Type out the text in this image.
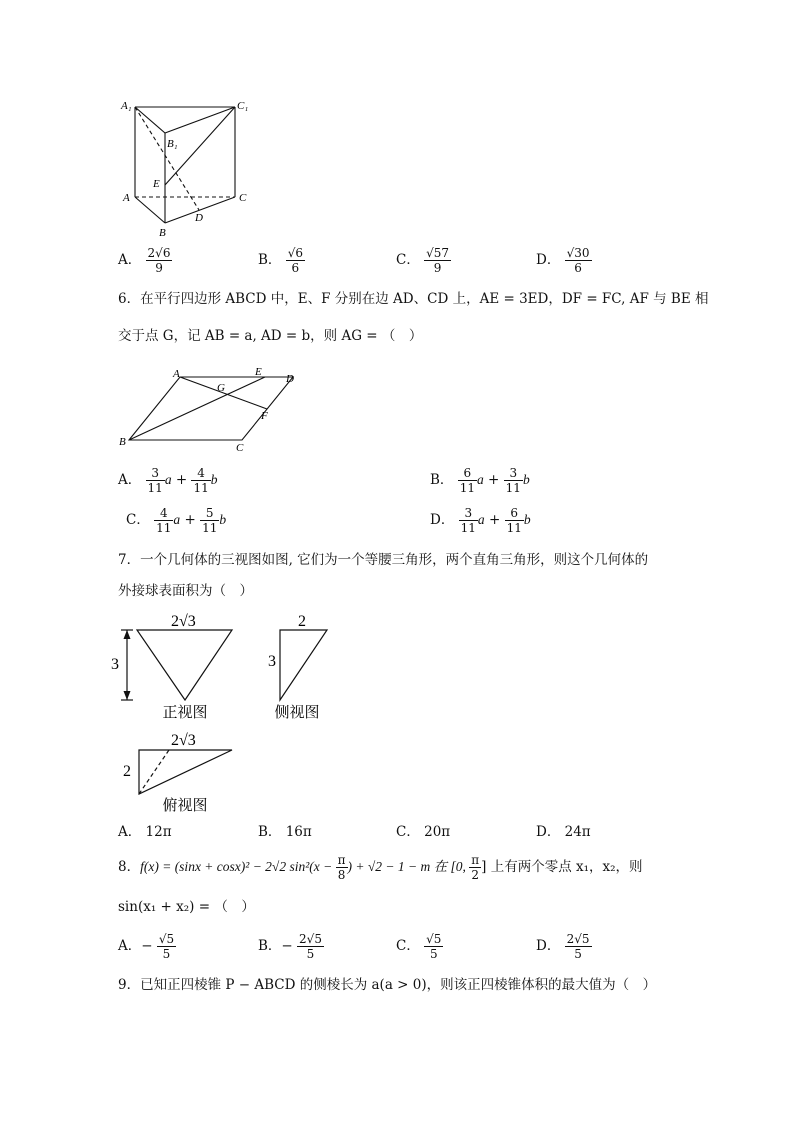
A₁	C₁
B₁
E
A	C
D
B
A． $\frac{2√6}{9}$	B． $\frac{√6}{6}$	C． $\frac{√57}{9}$	D． $\frac{√30}{6}$
6．在平行四边形 ABCD 中，E、F 分别在边 AD、CD 上，AE = 3ED，DF = FC, AF 与 BE 相
交于点 G，记 AB = a, AD = b，则 AG = （　）
A	E
D
G
F
B	C
A． $\frac{3}{11}$ $a + \frac{4}{11}$ b	B． $\frac{6}{11}$ $a + \frac{3}{11}$ b
C． $\frac{4}{11}$ $a + \frac{5}{11}$ b	D． $\frac{3}{11}$ $a + \frac{6}{11}$ b
7．一个几何体的三视图如图, 它们为一个等腰三角形，两个直角三角形，则这个几何体的
外接球表面积为（　）
2√3
3
正视图
2
3
侧视图
2√3
2
俯视图
A． 12π	B． 16π	C． 20π	D． 24π
8．f(x) = (sinx + cosx)² − 2√2 $\sin^2(x - \frac{\pi}{8}$ ) + √2 − 1 − m 在 [0, $\frac{\pi}{2}$ ] 上有两个零点 x₁，x₂，则
sin(x₁ + x₂) = （　）
A．− $\frac{√5}{5}$	B．− $\frac{2√5}{5}$	C． $\frac{√5}{5}$	D． $\frac{2√5}{5}$
9．已知正四棱锥 P − ABCD 的侧棱长为 a(a > 0)，则该正四棱锥体积的最大值为（　）
